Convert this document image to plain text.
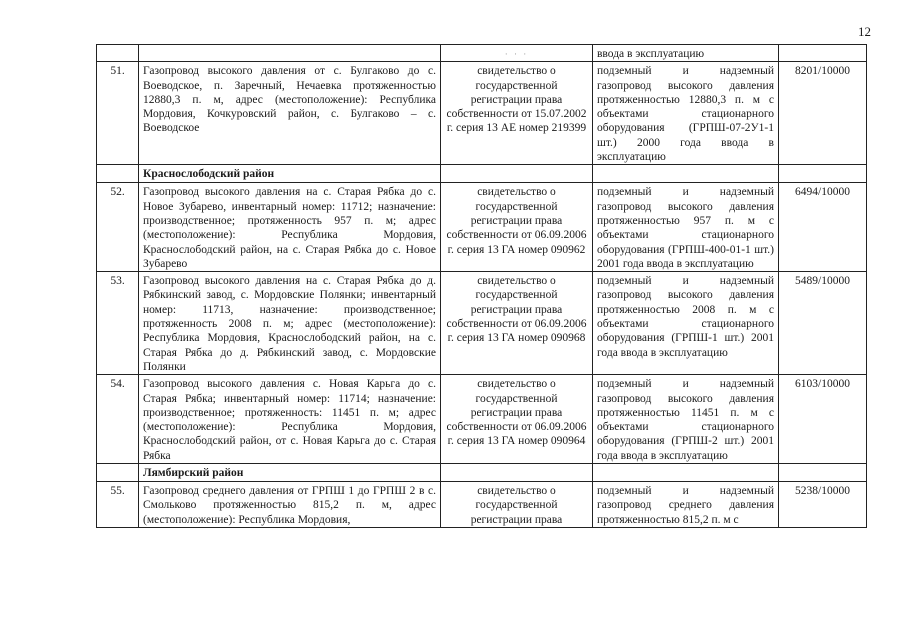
12
		· · ·	ввода в эксплуатацию	
51.	Газопровод высокого давления от с. Булгаково до с. Воеводское, п. Заречный, Нечаевка протяженностью 12880,3 п. м, адрес (местоположение): Республика Мордовия, Кочкуровский район, с. Булгаково – с. Воеводское	свидетельство о государственной регистрации права собственности от 15.07.2002 г. серия 13 АЕ номер 219399	подземный и надземный газопровод высокого давления протяженностью 12880,3 п. м с объектами стационарного оборудования (ГРПШ-07-2У1-1 шт.) 2000 года ввода в эксплуатацию	8201/10000
	Краснослободский район			
52.	Газопровод высокого давления на с. Старая Рябка до с. Новое Зубарево, инвентарный номер: 11712; назначение: производственное; протяженность 957 п. м; адрес (местоположение): Республика Мордовия, Краснослободский район, на с. Старая Рябка до с. Новое Зубарево	свидетельство о государственной регистрации права собственности от 06.09.2006 г. серия 13 ГА номер 090962	подземный и надземный газопровод высокого давления протяженностью 957 п. м с объектами стационарного оборудования (ГРПШ-400-01-1 шт.) 2001 года ввода в эксплуатацию	6494/10000
53.	Газопровод высокого давления на с. Старая Рябка до д. Рябкинский завод, с. Мордовские Полянки; инвентарный номер: 11713, назначение: производственное; протяженность 2008 п. м; адрес (местоположение): Республика Мордовия, Краснослободский район, на с. Старая Рябка до д. Рябкинский завод, с. Мордовские Полянки	свидетельство о государственной регистрации права собственности от 06.09.2006 г. серия 13 ГА номер 090968	подземный и надземный газопровод высокого давления протяженностью 2008 п. м с объектами стационарного оборудования (ГРПШ-1 шт.) 2001 года ввода в эксплуатацию	5489/10000
54.	Газопровод высокого давления с. Новая Карьга до с. Старая Рябка; инвентарный номер: 11714; назначение: производственное; протяженность: 11451 п. м; адрес (местоположение): Республика Мордовия, Краснослободский район, от с. Новая Карьга до с. Старая Рябка	свидетельство о государственной регистрации права собственности от 06.09.2006 г. серия 13 ГА номер 090964	подземный и надземный газопровод высокого давления протяженностью 11451 п. м с объектами стационарного оборудования (ГРПШ-2 шт.) 2001 года ввода в эксплуатацию	6103/10000
	Лямбирский район			
55.	Газопровод среднего давления от ГРПШ 1 до ГРПШ 2 в с. Смольково протяженностью 815,2 п. м, адрес (местоположение): Республика Мордовия,	свидетельство о государственной регистрации права	подземный и надземный газопровод среднего давления протяженностью 815,2 п. м с	5238/10000
